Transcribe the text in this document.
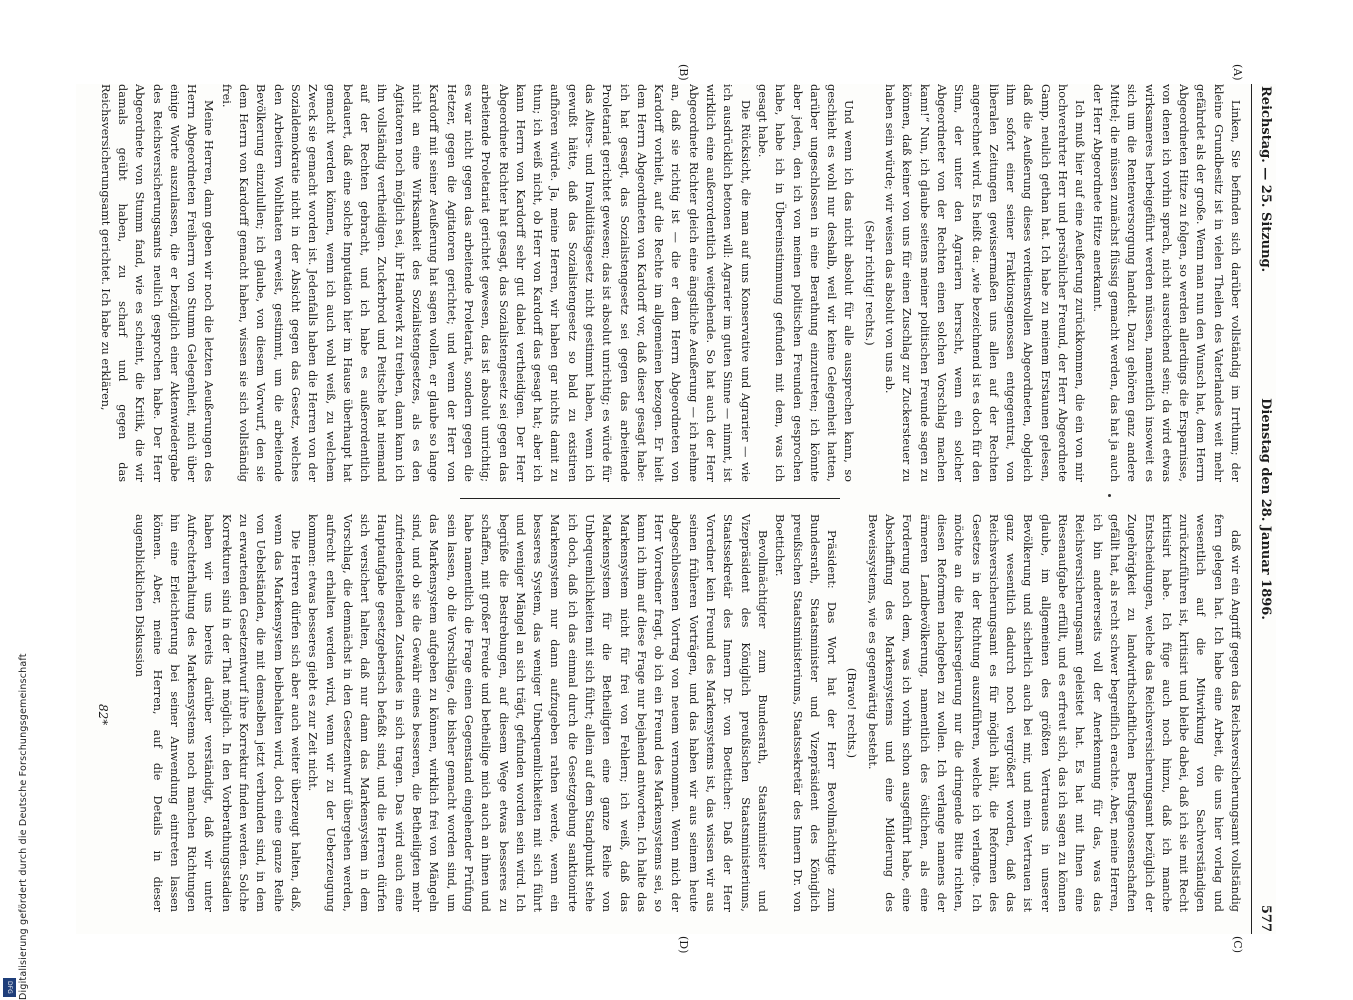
Reichstag. — 25. Sitzung.
Dienstag den 28. Januar 1896.
577

Linken, Sie befinden sich darüber vollständig im Irrthum; der kleine Grundbesitz ist in vielen Theilen des Vaterlandes weit mehr gefährdet als der große. Wenn man nun den Wunsch hat, dem Herrn Abgeordneten Hitze zu folgen, so werden allerdings die Ersparnisse, von denen ich vorhin sprach, nicht ausreichend sein; da wird etwas wirksameres herbeigeführt werden müssen, namentlich insoweit es sich um die Rentenversorgung handelt. Dazu gehören ganz andere Mittel; die müssen zunächst flüssig gemacht werden, das hat ja auch der Herr Abgeordnete Hitze anerkannt.

Ich muß hier auf eine Aeußerung zurückkommen, die ein von mir hochverehrter Herr und persönlicher Freund, der Herr Abgeordnete Gamp, neulich gethan hat. Ich habe zu meinem Erstaunen gelesen, daß die Aeußerung dieses verdienstvollen Abgeordneten, obgleich ihm sofort einer seiner Fraktionsgenossen entgegentrat, von liberalen Zeitungen gewissermaßen uns allen auf der Rechten angerechnet wird. Es heißt da: „wie bezeichnend ist es doch für den Sinn, der unter den Agrariern herrscht, wenn ein solcher Abgeordneter von der Rechten einen solchen Vorschlag machen kann!“ Nun, ich glaube seitens meiner politischen Freunde sagen zu können, daß keiner von uns für einen Zuschlag zur Zuckersteuer zu haben sein würde; wir weisen das absolut von uns ab.

(Sehr richtig! rechts.)

Und wenn ich das nicht absolut für alle aussprechen kann, so geschieht es wohl nur deshalb, weil wir keine Gelegenheit hatten, darüber ungeschlossen in eine Berathung einzutreten; ich könnte aber jeden, den ich von meinen politischen Freunden gesprochen habe, habe ich in Übereinstimmung gefunden mit dem, was ich gesagt habe.

Die Rücksicht, die man auf uns Konservative und Agrarier — wie ich ausdrücklich betonen will: Agrarier im guten Sinne — nimmt, ist wirklich eine außerordentlich weitgehende. So hat auch der Herr Abgeordnete Richter gleich eine ängstliche Aeußerung — ich nehme an, daß sie richtig ist — die er dem Herrn Abgeordneten von Kardorff vorhielt, auf die Rechte im allgemeinen bezogen. Er hielt dem Herrn Abgeordneten von Kardorff vor, daß dieser gesagt habe: ich hat gesagt, das Sozialistengesetz sei gegen das arbeitende Proletariat gerichtet gewesen; das ist absolut unrichtig; es würde für das Alters- und Invaliditätsgesetz nicht gestimmt haben, wenn ich gewußt hätte, daß das Sozialistengesetz so bald zu existiren aufhören würde. Ja, meine Herren, wir haben gar nichts damit zu thun; ich weiß nicht, ob Herr von Kardorff das gesagt hat; aber ich kann Herrn von Kardorff sehr gut dabei vertheidigen. Der Herr Abgeordnete Richter hat gesagt, das Sozialistengesetz sei gegen das arbeitende Proletariat gerichtet gewesen, das ist absolut unrichtig; es war nicht gegen das arbeitende Proletariat, sondern gegen die Hetzer, gegen die Agitatoren gerichtet; und wenn der Herr von Kardorff mit seiner Aeußerung hat sagen wollen, er glaube so lange nicht an eine Wirksamkeit des Sozialistengesetzes, als es den Agitatoren noch möglich sei, ihr Handwerk zu treiben, dann kann ich ihn vollständig vertheidigen. Zuckerbrod und Peitsche hat niemand auf der Rechten gebracht, und ich habe es außerordentlich bedauert, daß eine solche Imputation hier im Hause überhaupt hat gemacht werden können, wenn ich auch wohl weiß, zu welchem Zweck sie gemacht worden ist. Jedenfalls haben die Herren von der Sozialdemokratie nicht in der Absicht gegen das Gesetz, welches den Arbeitern Wohlthaten erweist, gestimmt, um die arbeitende Bevölkerung einzulullen; ich glaube, von diesem Vorwurf, den sie dem Herrn von Kardorff gemacht haben, wissen sie sich vollständig frei.

Meine Herren, dann geben wir noch die letzten Aeußerungen des Herrn Abgeordneten Freiherrn von Stumm Gelegenheit, mich über einige Worte auszulassen, die er bezüglich einer Aktenwiedergabe des Reichsversicherungsamts neulich gesprochen habe. Der Herr Abgeordnete von Stumm fand, wie es scheint, die Kritik, die wir damals geübt haben, zu scharf und gegen das Reichsversicherungsamt gerichtet. Ich habe zu erklären,

daß wir ein Angriff gegen das Reichsversicherungsamt vollständig fern gelegen hat. Ich habe eine Arbeit, die uns hier vorlag und wesentlich auf die Mitwirkung von Sachverständigen zurückzuführen ist, kritisirt und bleibe dabei, daß ich sie mit Recht kritisirt habe. Ich füge auch noch hinzu, daß ich manche Entscheidungen, welche das Reichsversicherungsamt bezüglich der Zugehörigkeit zu landwirthschaftlichen Berufsgenossenschaften gefällt hat, als recht schwer begreiflich erachte. Aber, meine Herren, ich bin andererseits voll der Anerkennung für das, was das Reichsversicherungsamt geleistet hat. Es hat mit Ihnen eine Riesenaufgabe erfüllt, und es erfreut sich, das ich sagen zu können glaube, im allgemeinen des größten Vertrauens in unserer Bevölkerung und sicherlich auch bei mir, und mein Vertrauen ist ganz wesentlich dadurch noch vergrößert worden, daß das Reichsversicherungsamt es für möglich hält, die Reformen des Gesetzes in der Richtung auszuführen, welche ich verlangte. Ich möchte an die Reichsregierung nur die dringende Bitte richten, diesen Reformen nachgeben zu wollen. Ich verlange namens der ärmeren Landbevölkerung, namentlich des östlichen, als eine Forderung noch dem, was ich vorhin schon ausgeführt habe, eine Abschaffung des Markensystems und eine Milderung des Beweissystems, wie es gegenwärtig besteht.

(Bravo! rechts.)

Präsident: Das Wort hat der Herr Bevollmächtigte zum Bundesrath, Staatsminister und Vizepräsident des Königlich preußischen Staatsministeriums, Staatssekretär des Innern Dr. von Boetticher.

Bevollmächtigter zum Bundesrath, Staatsminister und Vizepräsident des Königlich preußischen Staatsministeriums, Staatssekretär des Innern Dr. von Boetticher: Daß der Herr Vorredner kein Freund des Markensystems ist, das wissen wir aus seinen früheren Vorträgen, und das haben wir aus seinem heute abgeschlossenen Vortrag von neuem vernommen. Wenn mich der Herr Vorredner fragt, ob ich ein Freund des Markensystems sei, so kann ich ihm auf diese Frage nur bejahend antworten. Ich halte das Markensystem nicht für frei von Fehlern; ich weiß, daß das Markensystem für die Betheiligten eine ganze Reihe von Unbequemlichkeiten mit sich führt; allein auf dem Standpunkt stehe ich doch, daß ich das einmal durch die Gesetzgebung sanktionirte Markensystem nur dann aufzugeben rathen werde, wenn ein besseres System, das weniger Unbequemlichkeiten mit sich führt und weniger Mängel an sich trägt, gefunden worden sein wird. Ich begrüße die Bestrebungen, auf diesem Wege etwas besseres zu schaffen, mit großer Freude und betheilige mich auch an ihnen und habe namentlich die Frage einen Gegenstand eingehender Prüfung sein lassen, ob die Vorschläge, die bisher gemacht worden sind, um das Markensystem aufgeben zu können, wirklich frei von Mängeln sind, und ob sie die Gewähr eines besseren, die Betheiligten mehr zufriedenstellenden Zustandes in sich tragen. Das wird auch eine Hauptaufgabe gesetzgeberisch befaßt sind, und die Herren dürfen sich versichert halten, daß nur dann das Markensystem in dem Vorschlag, die demnächst in den Gesetzentwurf übergehen werden, aufrecht erhalten werden wird, wenn wir zu der Ueberzeugung kommen: etwas besseres giebt es zur Zeit nicht.

Die Herren dürfen sich aber auch weiter überzeugt halten, daß, wenn das Markensystem beibehalten wird, doch eine ganze Reihe von Uebelständen, die mit demselben jetzt verbunden sind, in dem zu erwartenden Gesetzentwurf ihre Korrektur finden werden. Solche Korrekturen sind in der That möglich. In den Vorberathungsstadien haben wir uns bereits darüber verständigt, daß wir unter Aufrechterhaltung des Markensystems noch manchen Richtungen hin eine Erleichterung bei seiner Anwendung eintreten lassen können. Aber, meine Herren, auf die Details in dieser augenblicklichen Diskussion

(A)
(B)
(C)
(D)
82*
Digitalisierung gefördert durch die Deutsche Forschungsgemeinschaft
DFG
